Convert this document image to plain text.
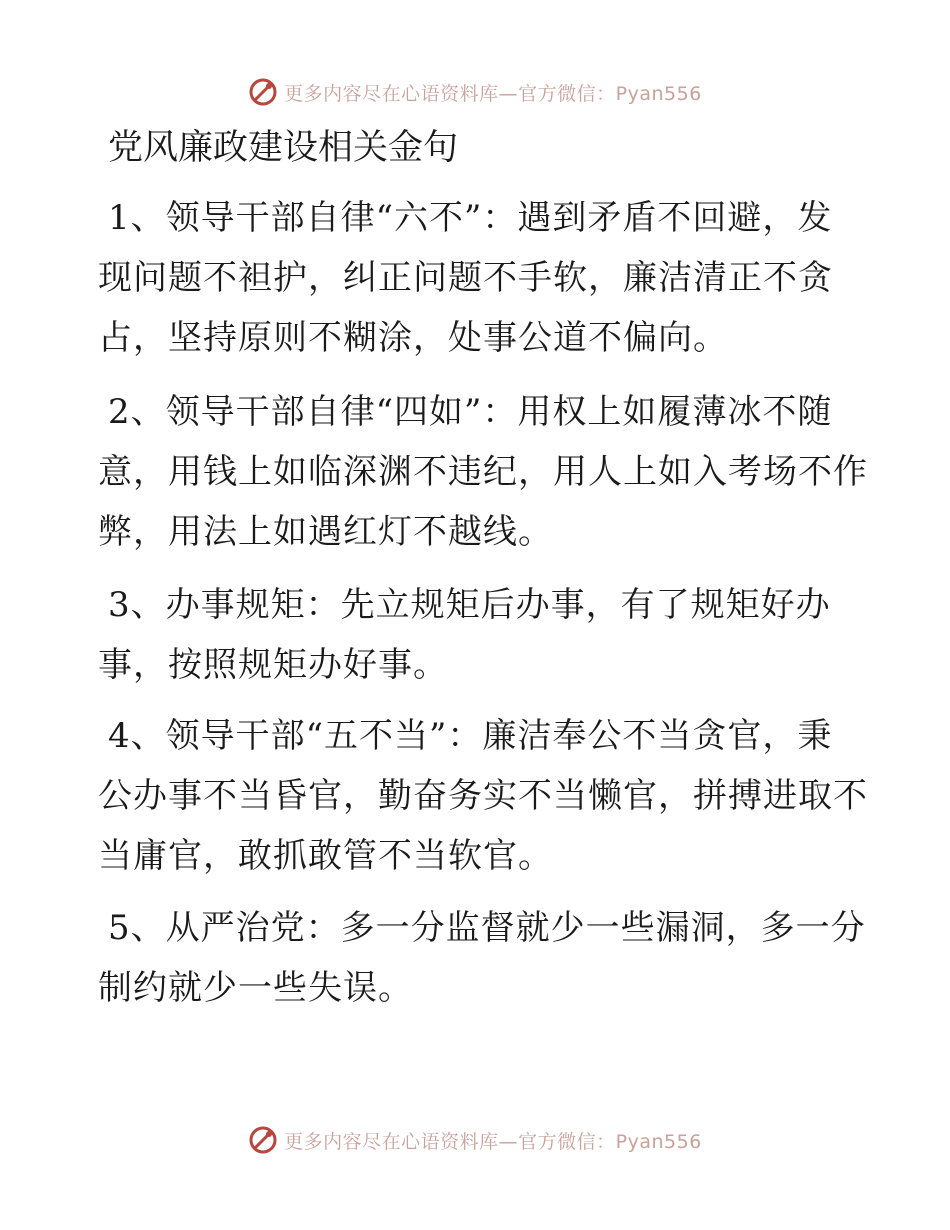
更多内容尽在心语资料库—官方微信：Pyan556
党风廉政建设相关金句
1、领导干部自律“六不”：遇到矛盾不回避，发
现问题不袒护，纠正问题不手软，廉洁清正不贪
占，坚持原则不糊涂，处事公道不偏向。
2、领导干部自律“四如”：用权上如履薄冰不随
意，用钱上如临深渊不违纪，用人上如入考场不作
弊，用法上如遇红灯不越线。
3、办事规矩：先立规矩后办事，有了规矩好办
事，按照规矩办好事。
4、领导干部“五不当”：廉洁奉公不当贪官，秉
公办事不当昏官，勤奋务实不当懒官，拼搏进取不
当庸官，敢抓敢管不当软官。
5、从严治党：多一分监督就少一些漏洞，多一分
制约就少一些失误。
更多内容尽在心语资料库—官方微信：Pyan556
